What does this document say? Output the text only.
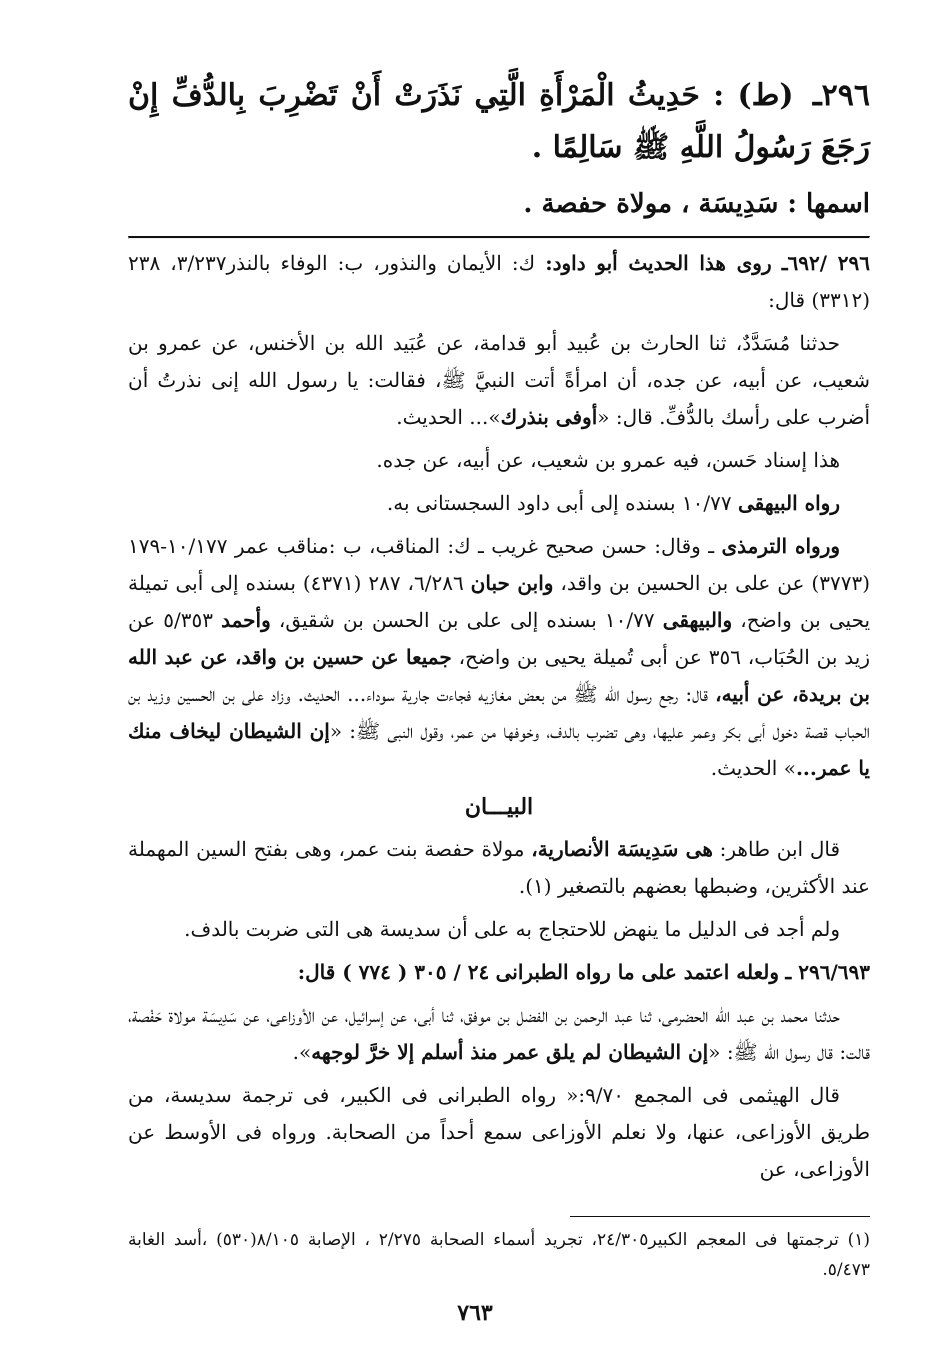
٢٩٦ـ (ط) : حَدِيثُ الْمَرْأَةِ الَّتِي نَذَرَتْ أَنْ تَضْرِبَ بِالدُّفِّ إِنْ رَجَعَ رَسُولُ اللَّهِ ﷺ سَالِمًا .

اسمها : سَدِيسَة ، مولاة حفصة .

٢٩٦ /٦٩٢ـ روى هذا الحديث أبو داود: ك: الأيمان والنذور، ب: الوفاء بالنذر٣/٢٣٧، ٢٣٨ (٣٣١٢) قال:

حدثنا مُسَدَّدٌ، ثنا الحارث بن عُبيد أبو قدامة، عن عُبَيد الله بن الأخنس، عن عمرو بن شعيب، عن أبيه، عن جده، أن امرأةً أتت النبيَّ ﷺ، فقالت: يا رسول الله إنى نذرتُ أن أضرب على رأسك بالدُّفِّ. قال: «أوفى بنذرك»... الحديث.

هذا إسناد حَسن، فيه عمرو بن شعيب، عن أبيه، عن جده.

رواه البيهقى ١٠/٧٧ بسنده إلى أبى داود السجستانى به.

ورواه الترمذى ـ وقال: حسن صحيح غريب ـ ك: المناقب، ب :مناقب عمر ١٠/١٧٧-١٧٩ (٣٧٧٣) عن على بن الحسين بن واقد، وابن حبان ٦/٢٨٦، ٢٨٧ (٤٣٧١) بسنده إلى أبى تميلة يحيى بن واضح، والبيهقى ١٠/٧٧ بسنده إلى على بن الحسن بن شقيق، وأحمد ٥/٣٥٣ عن زيد بن الحُبَاب، ٣٥٦ عن أبى تُميلة يحيى بن واضح، جميعا عن حسين بن واقد، عن عبد الله بن بريدة، عن أبيه، قال: رجع رسول الله ﷺ من بعض مغازيه فجاءت جارية سوداء... الحديث. وزاد على بن الحسين وزيد بن الحباب قصة دخول أبى بكر وعمر عليها، وهى تضرب بالدف، وخوفها من عمر، وقول النبى ﷺ: «إن الشيطان ليخاف منك يا عمر...» الحديث.

البيـــان

قال ابن طاهر: هى سَدِيسَة الأنصارية، مولاة حفصة بنت عمر، وهى بفتح السين المهملة عند الأكثرين، وضبطها بعضهم بالتصغير (١).

ولم أجد فى الدليل ما ينهض للاحتجاج به على أن سديسة هى التى ضربت بالدف.

٢٩٦/٦٩٣ ـ ولعله اعتمد على ما رواه الطبرانى ٢٤ / ٣٠٥ ( ٧٧٤ ) قال:

حدثنا محمد بن عبد الله الحضرمى، ثنا عبد الرحمن بن الفضل بن موفق، ثنا أبى، عن إسرائيل، عن الأوزاعى، عن سَدِيسَة مولاة حَفْصة، قالت: قال رسول الله ﷺ: «إن الشيطان لم يلق عمر منذ أسلم إلا خرَّ لوجهه».

قال الهيثمى فى المجمع ٩/٧٠:« رواه الطبرانى فى الكبير، فى ترجمة سديسة، من طريق الأوزاعى، عنها، ولا نعلم الأوزاعى سمع أحداً من الصحابة. ورواه فى الأوسط عن الأوزاعى، عن

(١) ترجمتها فى المعجم الكبير٢٤/٣٠٥، تجريد أسماء الصحابة ٢/٢٧٥ ، الإصابة ٨/١٠٥(٥٣٠) ،أسد الغابة ٥/٤٧٣.

٧٦٣
